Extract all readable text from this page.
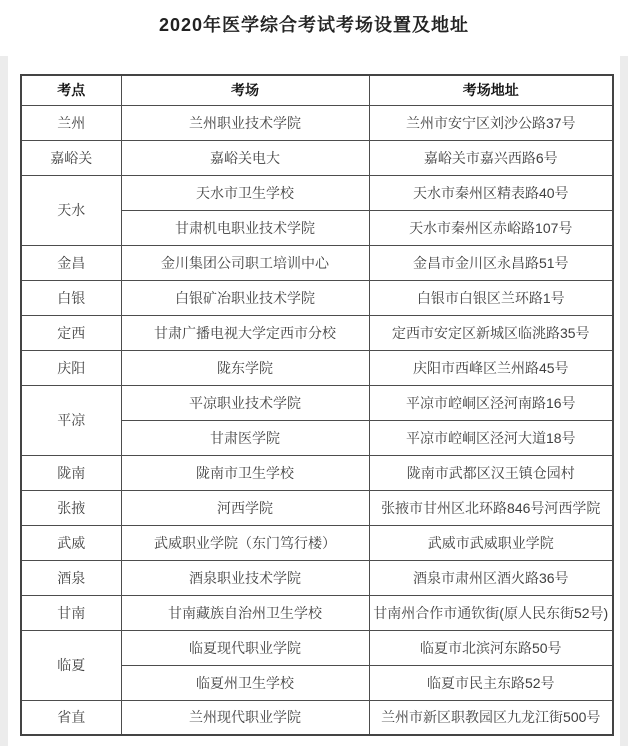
2020年医学综合考试考场设置及地址
考点	考场	考场地址
兰州	兰州职业技术学院	兰州市安宁区刘沙公路37号
嘉峪关	嘉峪关电大	嘉峪关市嘉兴西路6号
天水	天水市卫生学校	天水市秦州区精表路40号
	甘肃机电职业技术学院	天水市秦州区赤峪路107号
金昌	金川集团公司职工培训中心	金昌市金川区永昌路51号
白银	白银矿冶职业技术学院	白银市白银区兰环路1号
定西	甘肃广播电视大学定西市分校	定西市安定区新城区临洮路35号
庆阳	陇东学院	庆阳市西峰区兰州路45号
平凉	平凉职业技术学院	平凉市崆峒区泾河南路16号
	甘肃医学院	平凉市崆峒区泾河大道18号
陇南	陇南市卫生学校	陇南市武都区汉王镇仓园村
张掖	河西学院	张掖市甘州区北环路846号河西学院
武威	武威职业学院（东门笃行楼）	武威市武威职业学院
酒泉	酒泉职业技术学院	酒泉市肃州区酒火路36号
甘南	甘南藏族自治州卫生学校	甘南州合作市通钦街(原人民东街52号)
临夏	临夏现代职业学院	临夏市北滨河东路50号
	临夏州卫生学校	临夏市民主东路52号
省直	兰州现代职业学院	兰州市新区职教园区九龙江街500号
